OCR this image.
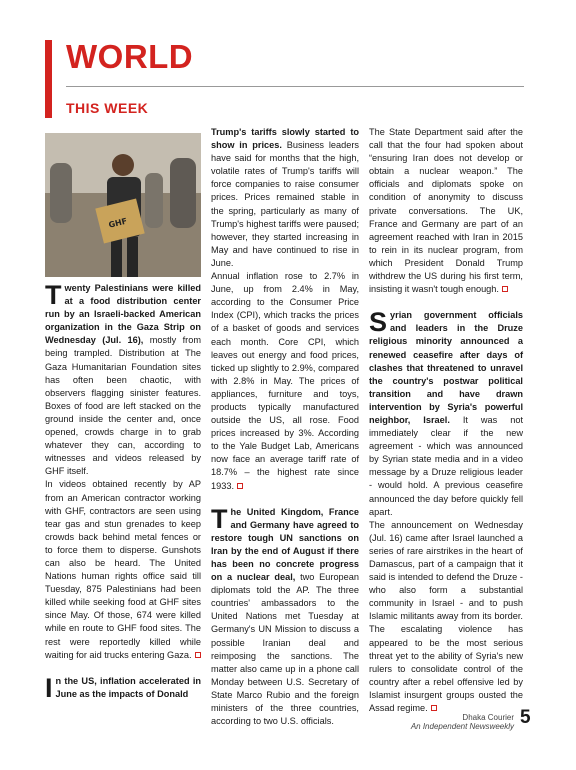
WORLD
THIS WEEK
GHF

Twenty Palestinians were killed at a food distribution center run by an Israeli-backed American organization in the Gaza Strip on Wednesday (Jul. 16), mostly from being trampled. Distribution at The Gaza Humanitarian Foundation sites has often been chaotic, with observers flagging sinister features. Boxes of food are left stacked on the ground inside the center and, once opened, crowds charge in to grab whatever they can, according to witnesses and videos released by GHF itself.

In videos obtained recently by AP from an American contractor working with GHF, contractors are seen using tear gas and stun grenades to keep crowds back behind metal fences or to force them to disperse. Gunshots can also be heard. The United Nations human rights office said till Tuesday, 875 Palestinians had been killed while seeking food at GHF sites since May. Of those, 674 were killed while en route to GHF food sites. The rest were reportedly killed while waiting for aid trucks entering Gaza.

In the US, inflation accelerated in June as the impacts of Donald

Trump's tariffs slowly started to show in prices. Business leaders have said for months that the high, volatile rates of Trump's tariffs will force companies to raise consumer prices. Prices remained stable in the spring, particularly as many of Trump's highest tariffs were paused; however, they started increasing in May and have continued to rise in June.

Annual inflation rose to 2.7% in June, up from 2.4% in May, according to the Consumer Price Index (CPI), which tracks the prices of a basket of goods and services each month. Core CPI, which leaves out energy and food prices, ticked up slightly to 2.9%, compared with 2.8% in May. The prices of appliances, furniture and toys, products typically manufactured outside the US, all rose. Food prices increased by 3%. According to the Yale Budget Lab, Americans now face an average tariff rate of 18.7% – the highest rate since 1933.

The United Kingdom, France and Germany have agreed to restore tough UN sanctions on Iran by the end of August if there has been no concrete progress on a nuclear deal, two European diplomats told the AP. The three countries' ambassadors to the United Nations met Tuesday at Germany's UN Mission to discuss a possible Iranian deal and reimposing the sanctions. The matter also came up in a phone call Monday between U.S. Secretary of State Marco Rubio and the foreign ministers of the three countries, according to two U.S. officials.

The State Department said after the call that the four had spoken about “ensuring Iran does not develop or obtain a nuclear weapon.” The officials and diplomats spoke on condition of anonymity to discuss private conversations. The UK, France and Germany are part of an agreement reached with Iran in 2015 to rein in its nuclear program, from which President Donald Trump withdrew the US during his first term, insisting it wasn't tough enough.

Syrian government officials and leaders in the Druze religious minority announced a renewed ceasefire after days of clashes that threatened to unravel the country's postwar political transition and have drawn intervention by Syria's powerful neighbor, Israel. It was not immediately clear if the new agreement - which was announced by Syrian state media and in a video message by a Druze religious leader - would hold. A previous ceasefire announced the day before quickly fell apart.

The announcement on Wednesday (Jul. 16) came after Israel launched a series of rare airstrikes in the heart of Damascus, part of a campaign that it said is intended to defend the Druze - who also form a substantial community in Israel - and to push Islamic militants away from its border. The escalating violence has appeared to be the most serious threat yet to the ability of Syria's new rulers to consolidate control of the country after a rebel offensive led by Islamist insurgent groups ousted the Assad regime.

Dhaka Courier
An Independent Newsweekly 5
